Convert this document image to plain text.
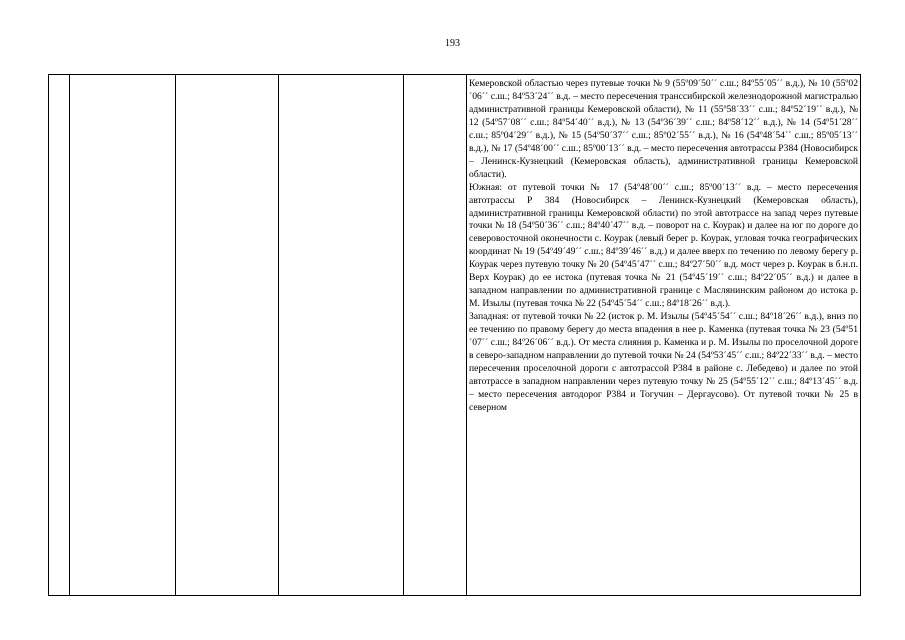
193

Кемеровской областью через путевые точки № 9 (55º09´50´´ с.ш.; 84º55´05´´ в.д.), № 10 (55º02´06´´ с.ш.; 84º53´24´´ в.д. – место пересечения транссибирской железнодорожной магистралью административной границы Кемеровской области), № 11 (55º58´33´´ с.ш.; 84º52´19´´ в.д.), № 12 (54º57´08´´ с.ш.; 84º54´40´´ в.д.), № 13 (54º36´39´´ с.ш.; 84º58´12´´ в.д.), № 14 (54º51´28´´ с.ш.; 85º04´29´´ в.д.), № 15 (54º50´37´´ с.ш.; 85º02´55´´ в.д.), № 16 (54º48´54´´ с.ш.; 85º05´13´´ в.д.), № 17 (54º48´00´´ с.ш.; 85º00´13´´ в.д. – место пересечения автотрассы Р384 (Новосибирск – Ленинск-Кузнецкий (Кемеровская область), административной границы Кемеровской области).

Южная: от путевой точки № 17 (54º48´00´´ с.ш.; 85º00´13´´ в.д. – место пересечения автотрассы Р 384 (Новосибирск – Ленинск-Кузнецкий (Кемеровская область), административной границы Кемеровской области) по этой автотрассе на запад через путевые точки № 18 (54º50´36´´ с.ш.; 84º40´47´´ в.д. – поворот на с. Коурак) и далее на юг по дороге до северовосточной оконечности с. Коурак (левый берег р. Коурак, угловая точка географических координат № 19 (54º49´49´´ с.ш.; 84º39´46´´ в.д.) и далее вверх по течению по левому берегу р. Коурак через путевую точку № 20 (54º45´47´´ с.ш.; 84º27´50´´ в.д. мост через р. Коурак в б.н.п. Верх Коурак) до ее истока (путевая точка № 21 (54º45´19´´ с.ш.; 84º22´05´´ в.д.) и далее в западном направлении по административной границе с Маслянинским районом до истока р. М. Изылы (путевая точка № 22 (54º45´54´´ с.ш.; 84º18´26´´ в.д.).

Западная: от путевой точки № 22 (исток р. М. Изылы (54º45´54´´ с.ш.; 84º18´26´´ в.д.), вниз по ее течению по правому берегу до места впадения в нее р. Каменка (путевая точка № 23 (54º51´07´´ с.ш.; 84º26´06´´ в.д.). От места слияния р. Каменка и р. М. Изылы по проселочной дороге в северо-западном направлении до путевой точки № 24 (54º53´45´´ с.ш.; 84º22´33´´ в.д. – место пересечения проселочной дороги с автотрассой Р384 в районе с. Лебедево) и далее по этой автотрассе в западном направлении через путевую точку № 25 (54º55´12´´ с.ш.; 84º13´45´´ в.д. – место пересечения автодорог Р384 и Тогучин – Дергаусово). От путевой точки № 25 в северном
